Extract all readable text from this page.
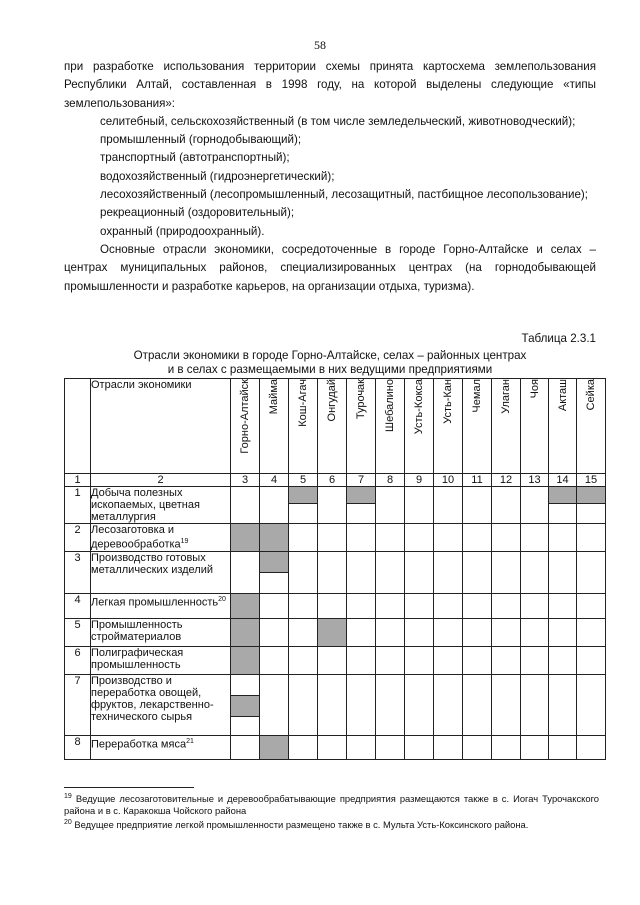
58

при разработке использования территории схемы принята картосхема землепользования Республики Алтай, составленная в 1998 году, на которой выделены следующие «типы землепользования»:

селитебный, сельскохозяйственный (в том числе земледельческий, животноводческий);

промышленный (горнодобывающий);

транспортный (автотранспортный);

водохозяйственный (гидроэнергетический);

лесохозяйственный (лесопромышленный, лесозащитный, пастбищное лесопользование);

рекреационный (оздоровительный);

охранный (природоохранный).

Основные отрасли экономики, сосредоточенные в городе Горно-Алтайске и селах – центрах муниципальных районов, специализированных центрах (на горнодобывающей промышленности и разработке карьеров, на организации отдыха, туризма).

Таблица 2.3.1
Отрасли экономики в городе Горно-Алтайске, селах – районных центрах
и в селах с размещаемыми в них ведущими предприятиями
	Отрасли экономики	Горно-Алтайск	Майма	Кош-Агач	Онгудай	Турочак	Шебалино	Усть-Кокса	Усть-Кан	Чемал	Улаган	Чоя	Акташ	Сейка

1	2	3	4	5	6	7	8	9	10	11	12	13	14	15
1	Добыча полезных ископаемых, цветная металлургия													

2	Лесозаготовка и деревообработка$^{19}$													
3	Производство готовых металлических изделий													

4	Легкая промышленность$^{20}$													
5	Промышленность стройматериалов													
6	Полиграфическая промышленность													
7	Производство и переработка овощей, фруктов, лекарственно-технического сырья													

8	Переработка мяса$^{21}$													

$^{19}$ Ведущие лесозаготовительные и деревообрабатывающие предприятия размещаются также в с. Иогач Турочакского района и в с. Каракокша Чойского района

$^{20}$ Ведущее предприятие легкой промышленности размещено также в с. Мульта Усть-Коксинского района.
